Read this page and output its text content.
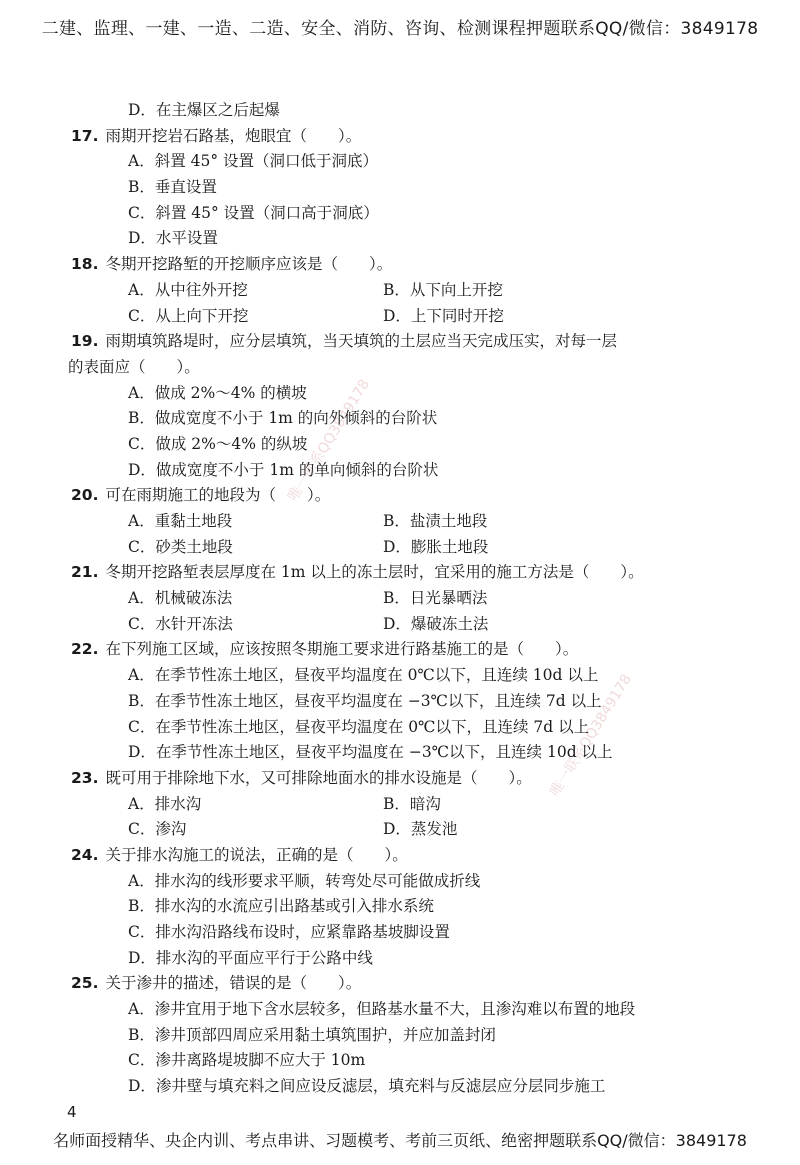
二建、监理、一建、一造、二造、安全、消防、咨询、检测课程押题联系QQ/微信：3849178
唯一联系QQ3849178
唯一联系QQ3849178
D．在主爆区之后起爆
17. 雨期开挖岩石路基，炮眼宜（　　）。
A．斜置 45° 设置（洞口低于洞底）
B．垂直设置
C．斜置 45° 设置（洞口高于洞底）
D．水平设置
18. 冬期开挖路堑的开挖顺序应该是（　　）。
A．从中往外开挖	B．从下向上开挖
C．从上向下开挖	D．上下同时开挖
19. 雨期填筑路堤时，应分层填筑，当天填筑的土层应当天完成压实，对每一层
的表面应（　　）。
A．做成 2%～4% 的横坡
B．做成宽度不小于 1m 的向外倾斜的台阶状
C．做成 2%～4% 的纵坡
D．做成宽度不小于 1m 的单向倾斜的台阶状
20. 可在雨期施工的地段为（　　）。
A．重黏土地段	B．盐渍土地段
C．砂类土地段	D．膨胀土地段
21. 冬期开挖路堑表层厚度在 1m 以上的冻土层时，宜采用的施工方法是（　　）。
A．机械破冻法	B．日光暴晒法
C．水针开冻法	D．爆破冻土法
22. 在下列施工区域，应该按照冬期施工要求进行路基施工的是（　　）。
A．在季节性冻土地区，昼夜平均温度在 0℃以下，且连续 10d 以上
B．在季节性冻土地区，昼夜平均温度在 −3℃以下，且连续 7d 以上
C．在季节性冻土地区，昼夜平均温度在 0℃以下，且连续 7d 以上
D．在季节性冻土地区，昼夜平均温度在 −3℃以下，且连续 10d 以上
23. 既可用于排除地下水，又可排除地面水的排水设施是（　　）。
A．排水沟	B．暗沟
C．渗沟	D．蒸发池
24. 关于排水沟施工的说法，正确的是（　　）。
A．排水沟的线形要求平顺，转弯处尽可能做成折线
B．排水沟的水流应引出路基或引入排水系统
C．排水沟沿路线布设时，应紧靠路基坡脚设置
D．排水沟的平面应平行于公路中线
25. 关于渗井的描述，错误的是（　　）。
A．渗井宜用于地下含水层较多，但路基水量不大，且渗沟难以布置的地段
B．渗井顶部四周应采用黏土填筑围护，并应加盖封闭
C．渗井离路堤坡脚不应大于 10m
D．渗井壁与填充料之间应设反滤层，填充料与反滤层应分层同步施工
4
名师面授精华、央企内训、考点串讲、习题模考、考前三页纸、绝密押题联系QQ/微信：3849178
